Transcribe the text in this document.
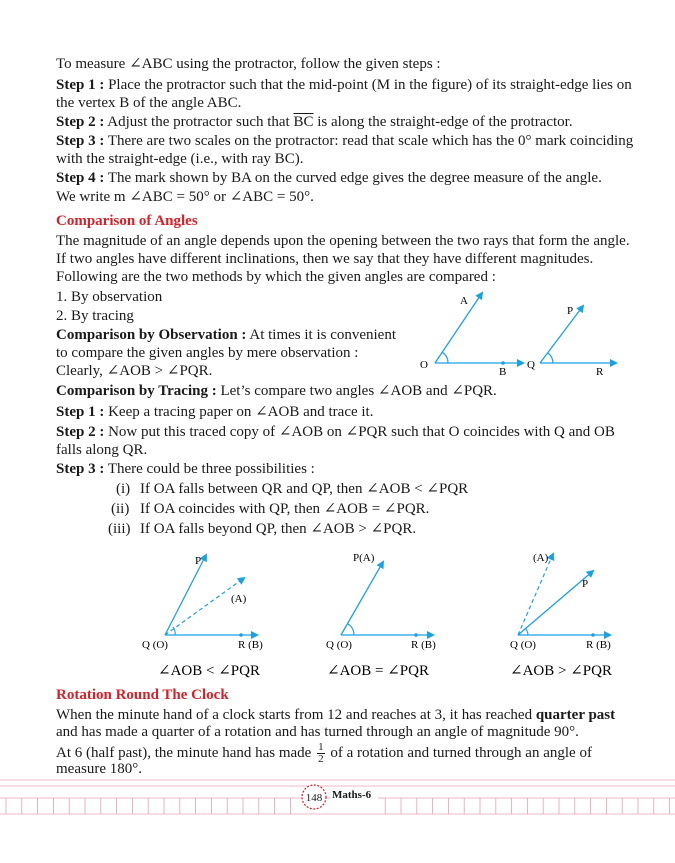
To measure ∠ABC using the protractor, follow the given steps :
Step 1 : Place the protractor such that the mid-point (M in the figure) of its straight-edge lies on
the vertex B of the angle ABC.
Step 2 : Adjust the protractor such that $\overline{BC}$ is along the straight-edge of the protractor.
Step 3 : There are two scales on the protractor: read that scale which has the 0° mark coinciding
with the straight-edge (i.e., with ray BC).
Step 4 : The mark shown by BA on the curved edge gives the degree measure of the angle.
We write m ∠ABC = 50° or ∠ABC = 50°.
Comparison of Angles
The magnitude of an angle depends upon the opening between the two rays that form the angle.
If two angles have different inclinations, then we say that they have different magnitudes.
Following are the two methods by which the given angles are compared :
1. By observation
2. By tracing
Comparison by Observation : At times it is convenient
to compare the given angles by mere observation :
Clearly, ∠AOB > ∠PQR.
A
O
B
P
Q
R
Comparison by Tracing : Let’s compare two angles ∠AOB and ∠PQR.
Step 1 : Keep a tracing paper on ∠AOB and trace it.
Step 2 : Now put this traced copy of ∠AOB on ∠PQR such that O coincides with Q and OB
falls along QR.
Step 3 : There could be three possibilities :
(i) If OA falls between QR and QP, then ∠AOB < ∠PQR
(ii) If OA coincides with QP, then ∠AOB = ∠PQR.
(iii) If OA falls beyond QP, then ∠AOB > ∠PQR.
P
(A)
Q (O)	R (B)
∠AOB < ∠PQR
P(A)
Q (O)	R (B)
∠AOB = ∠PQR
(A)
P
Q (O)	R (B)
∠AOB > ∠PQR
Rotation Round The Clock
When the minute hand of a clock starts from 12 and reaches at 3, it has reached quarter past
and has made a quarter of a rotation and has turned through an angle of magnitude 90°.
At 6 (half past), the minute hand has made $\frac{1}{2}$ of a rotation and turned through an angle of
measure 180°.
148 Maths-6
